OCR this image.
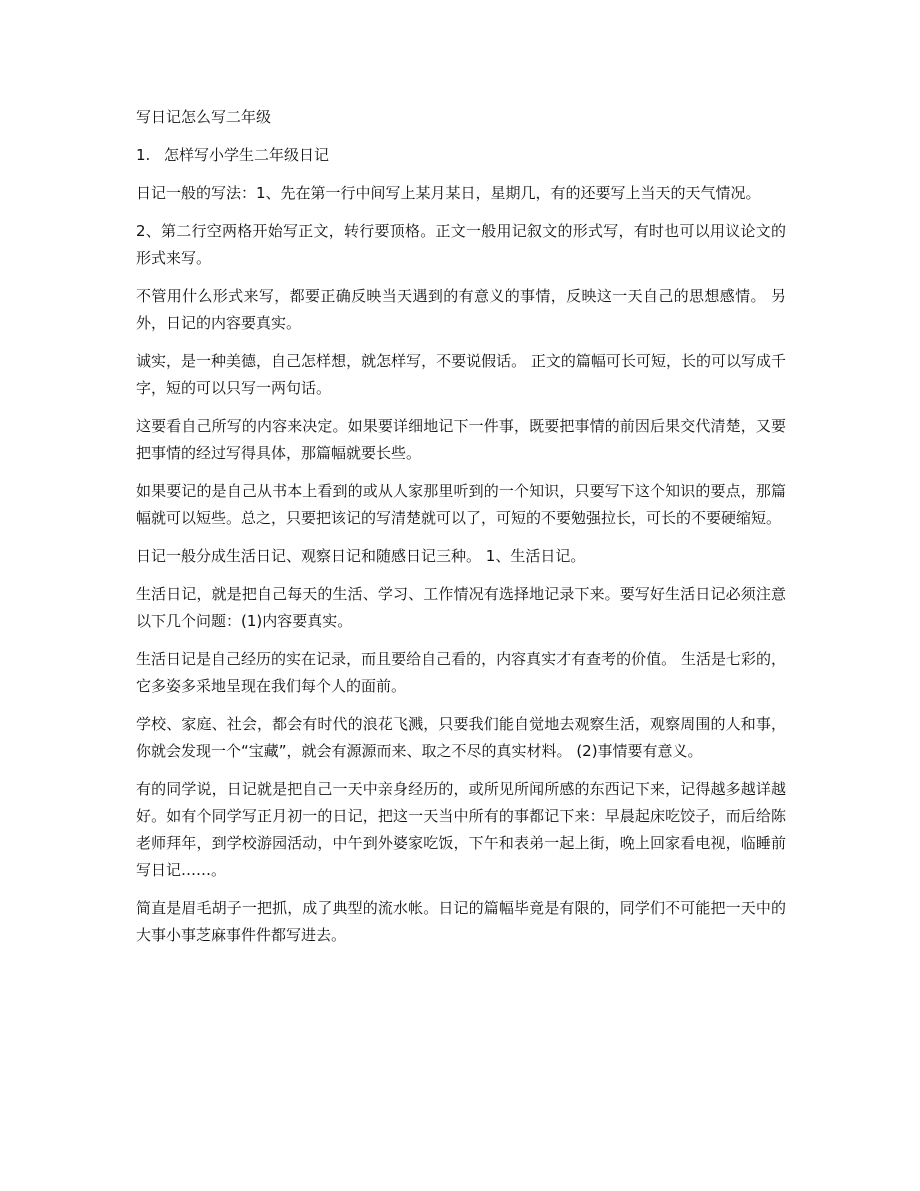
写日记怎么写二年级
1. 怎样写小学生二年级日记

日记一般的写法：1、先在第一行中间写上某月某日，星期几，有的还要写上当天的天气情况。

2、第二行空两格开始写正文，转行要顶格。正文一般用记叙文的形式写，有时也可以用议论文的形式来写。

不管用什么形式来写，都要正确反映当天遇到的有意义的事情，反映这一天自己的思想感情。 另外，日记的内容要真实。

诚实，是一种美德，自己怎样想，就怎样写，不要说假话。 正文的篇幅可长可短，长的可以写成千字，短的可以只写一两句话。

这要看自己所写的内容来决定。如果要详细地记下一件事，既要把事情的前因后果交代清楚，又要把事情的经过写得具体，那篇幅就要长些。

如果要记的是自己从书本上看到的或从人家那里听到的一个知识，只要写下这个知识的要点，那篇幅就可以短些。总之，只要把该记的写清楚就可以了，可短的不要勉强拉长，可长的不要硬缩短。

日记一般分成生活日记、观察日记和随感日记三种。 1、生活日记。

生活日记，就是把自己每天的生活、学习、工作情况有选择地记录下来。要写好生活日记必须注意以下几个问题：(1)内容要真实。

生活日记是自己经历的实在记录，而且要给自己看的，内容真实才有查考的价值。 生活是七彩的，它多姿多采地呈现在我们每个人的面前。

学校、家庭、社会，都会有时代的浪花飞溅，只要我们能自觉地去观察生活，观察周围的人和事，你就会发现一个“宝藏”，就会有源源而来、取之不尽的真实材料。 (2)事情要有意义。

有的同学说，日记就是把自己一天中亲身经历的，或所见所闻所感的东西记下来，记得越多越详越好。如有个同学写正月初一的日记，把这一天当中所有的事都记下来：早晨起床吃饺子，而后给陈老师拜年，到学校游园活动，中午到外婆家吃饭，下午和表弟一起上街，晚上回家看电视，临睡前写日记……。

简直是眉毛胡子一把抓，成了典型的流水帐。日记的篇幅毕竟是有限的，同学们不可能把一天中的大事小事芝麻事件件都写进去。
